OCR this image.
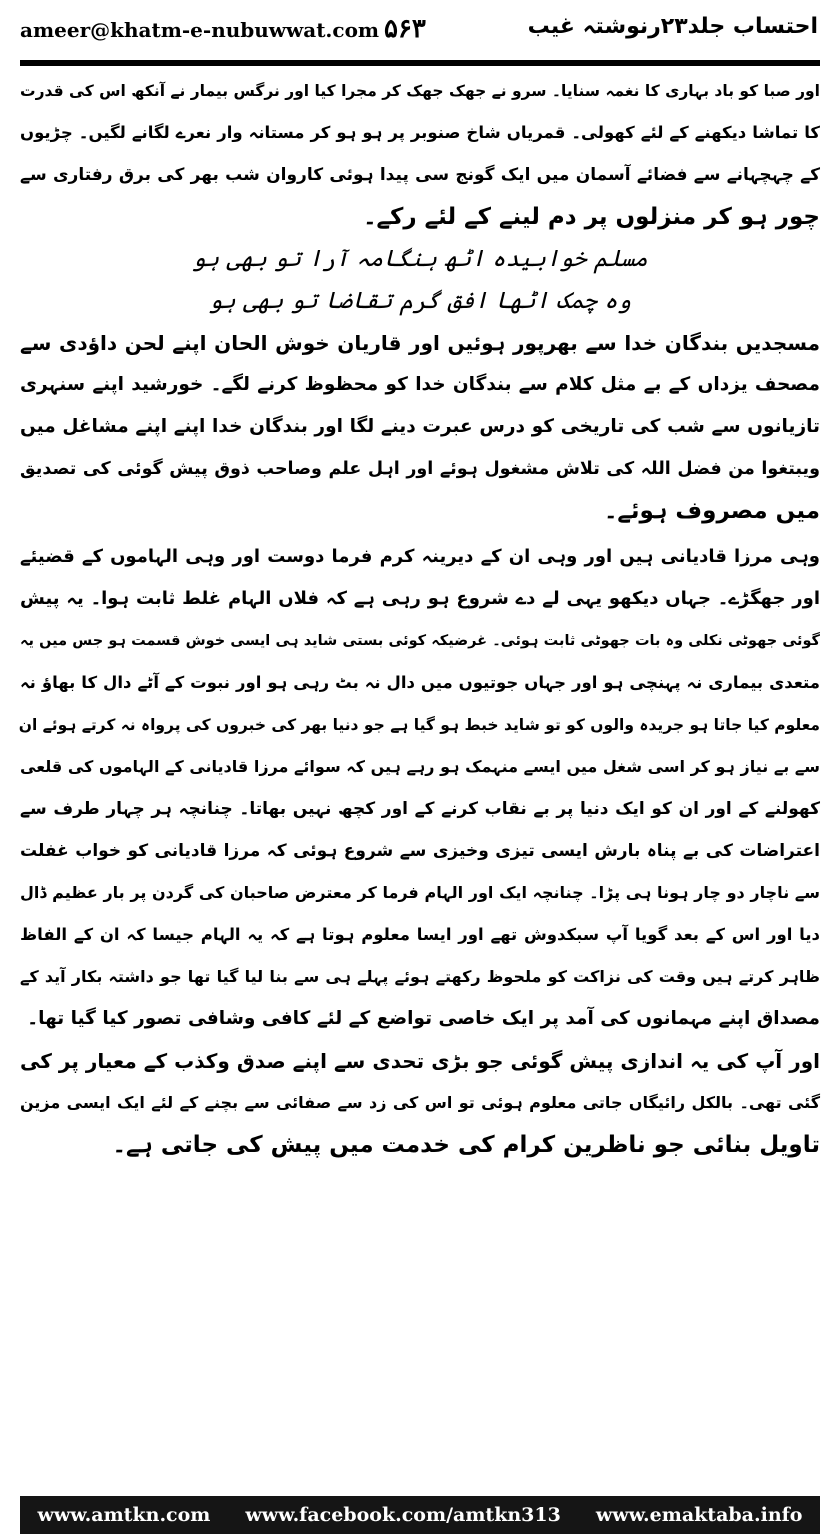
ameer@khatm-e-nubuwwat.com ۵۶۳	احتساب جلد۲۳رنوشتہ غیب
اور صبا کو باد بہاری کا نغمہ سنایا۔ سرو نے جھک جھک کر مجرا کیا اور نرگس بیمار نے آنکھ اس کی قدرت
کا تماشا دیکھنے کے لئے کھولی۔ قمریاں شاخ صنوبر پر ہو ہو کر مستانہ وار نعرے لگانے لگیں۔ چڑیوں
کے چہچہانے سے فضائے آسمان میں ایک گونج سی پیدا ہوئی کاروان شب بھر کی برق رفتاری سے
چور ہو کر منزلوں پر دم لینے کے لئے رکے۔
مسلم خوابیدہ اٹھ ہنگامہ آرا تو بھی ہو
وہ چمک اٹھا افق گرم تقاضا تو بھی ہو
مسجدیں بندگان خدا سے بھرپور ہوئیں اور قاریان خوش الحان اپنے لحن داؤدی سے
مصحف یزداں کے بے مثل کلام سے بندگان خدا کو محظوظ کرنے لگے۔ خورشید اپنے سنہری
تازیانوں سے شب کی تاریخی کو درس عبرت دینے لگا اور بندگان خدا اپنے اپنے مشاغل میں
ویبتغوا من فضل اللہ کی تلاش مشغول ہوئے اور اہل علم وصاحب ذوق پیش گوئی کی تصدیق
میں مصروف ہوئے۔
وہی مرزا قادیانی ہیں اور وہی ان کے دیرینہ کرم فرما دوست اور وہی الہاموں کے قضیئے
اور جھگڑے۔ جہاں دیکھو یہی لے دے شروع ہو رہی ہے کہ فلاں الہام غلط ثابت ہوا۔ یہ پیش
گوئی جھوٹی نکلی وہ بات جھوٹی ثابت ہوئی۔ غرضیکہ کوئی بستی شاید ہی ایسی خوش قسمت ہو جس میں یہ
متعدی بیماری نہ پہنچی ہو اور جہاں جوتیوں میں دال نہ بٹ رہی ہو اور نبوت کے آٹے دال کا بھاؤ نہ
معلوم کیا جاتا ہو جریدہ والوں کو تو شاید خبط ہو گیا ہے جو دنیا بھر کی خبروں کی پرواہ نہ کرتے ہوئے ان
سے بے نیاز ہو کر اسی شغل میں ایسے منہمک ہو رہے ہیں کہ سوائے مرزا قادیانی کے الہاموں کی قلعی
کھولنے کے اور ان کو ایک دنیا پر بے نقاب کرنے کے اور کچھ نہیں بھاتا۔ چنانچہ ہر چہار طرف سے
اعتراضات کی بے پناہ بارش ایسی تیزی وخیزی سے شروع ہوئی کہ مرزا قادیانی کو خواب غفلت
سے ناچار دو چار ہونا ہی پڑا۔ چنانچہ ایک اور الہام فرما کر معترض صاحبان کی گردن پر بار عظیم ڈال
دیا اور اس کے بعد گویا آپ سبکدوش تھے اور ایسا معلوم ہوتا ہے کہ یہ الہام جیسا کہ ان کے الفاظ
ظاہر کرتے ہیں وقت کی نزاکت کو ملحوظ رکھتے ہوئے پہلے ہی سے بنا لیا گیا تھا جو داشتہ بکار آید کے
مصداق اپنے مہمانوں کی آمد پر ایک خاصی تواضع کے لئے کافی وشافی تصور کیا گیا تھا۔
اور آپ کی یہ اندازی پیش گوئی جو بڑی تحدی سے اپنے صدق وکذب کے معیار پر کی
گئی تھی۔ بالکل رائیگاں جاتی معلوم ہوئی تو اس کی زد سے صفائی سے بچنے کے لئے ایک ایسی مزین
تاویل بنائی جو ناظرین کرام کی خدمت میں پیش کی جاتی ہے۔
www.amtkn.com www.facebook.com/amtkn313 www.emaktaba.info
